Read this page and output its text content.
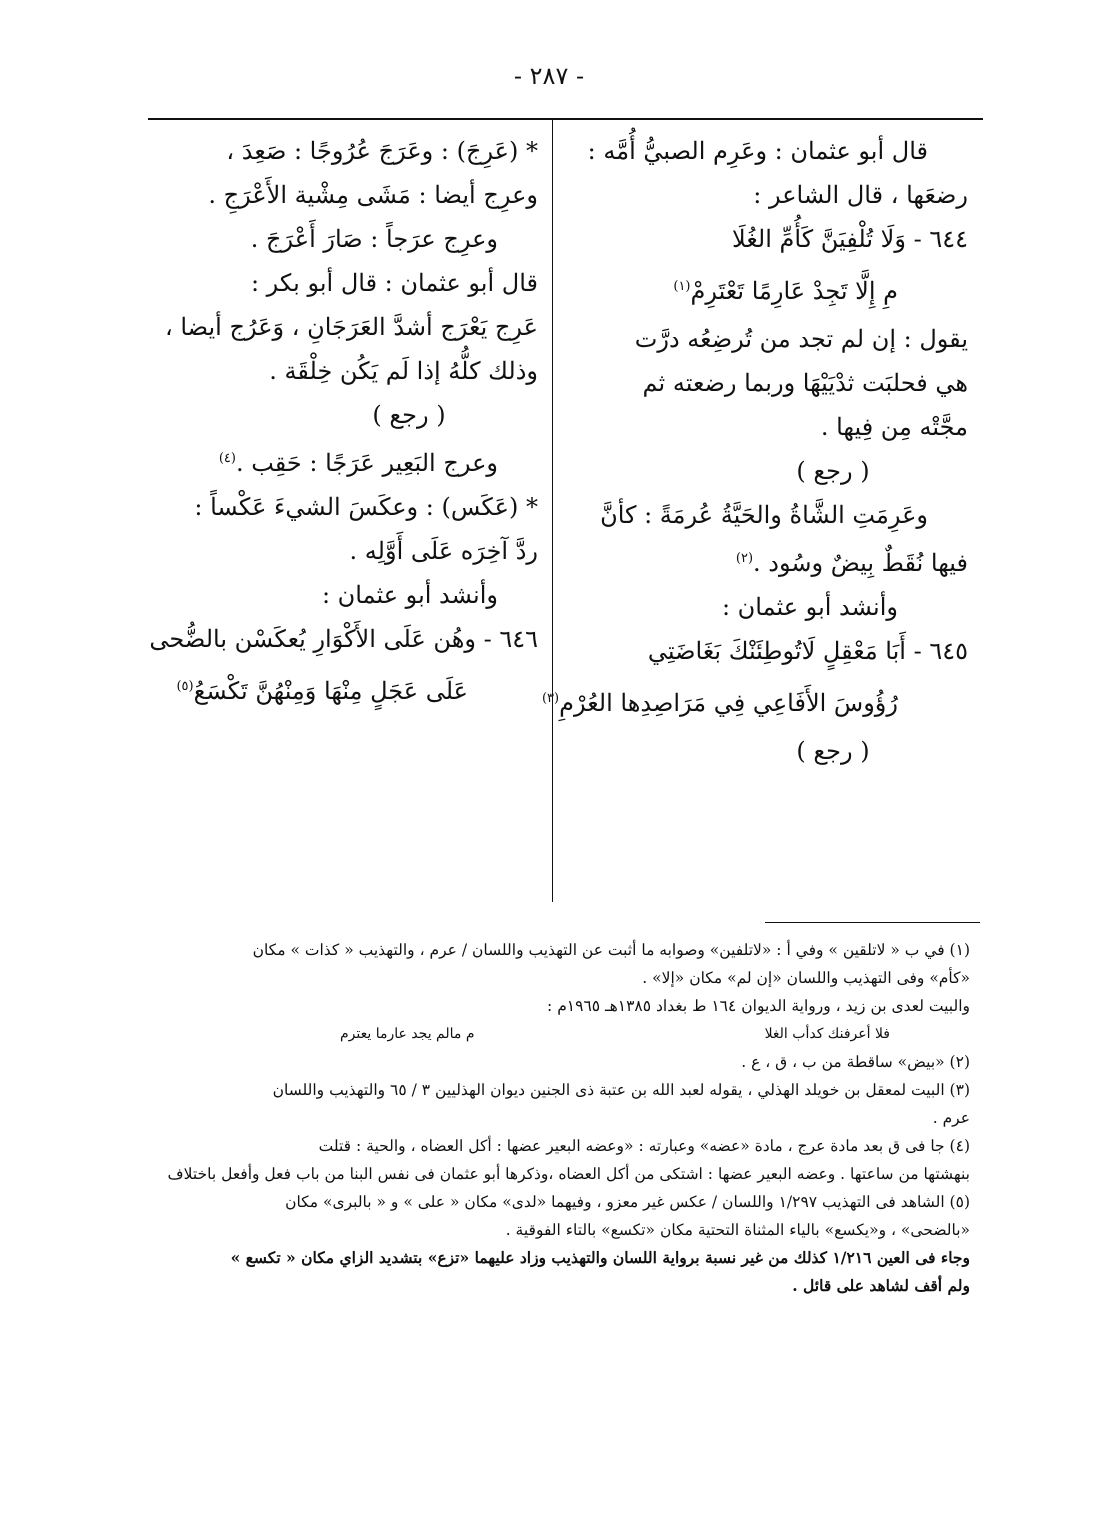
- ٢٨٧ -

قال أبو عثمان : وعَرِم الصبيُّ أُمَّه :

رضعَها ، قال الشاعر :

٦٤٤ - وَلَا تُلْفِيَنَّ كَأُمِّ الغُلَا

مِ إِلَّا تَجِدْ عَارِمًا تَعْتَرِمْ$^{(١)}$

يقول : إن لم تجد من تُرضِعُه درَّت

هي فحلبَت ثدْيَيْهَا وربما رضعته ثم

مجَّتْه مِن فِيها .

( رجع )

وعَرِمَتِ الشَّاةُ والحَيَّةُ عُرمَةً : كأنَّ

فيها نُقَطٌ بِيضٌ وسُود .$^{(٢)}$

وأنشد أبو عثمان :

٦٤٥ - أَبَا مَعْقِلٍ لَاتُوطِئَنْكَ بَغَاضَتِي

رُؤُوسَ الأَفَاعِي فِي مَرَاصِدِها العُرْمِ$^{(٣)}$

( رجع )

* (عَرِجَ) : وعَرَجَ عُرُوجًا : صَعِدَ ،

وعرِج أيضا : مَشَى مِشْية الأَعْرَجِ .

وعرِج عرَجاً : صَارَ أَعْرَجَ .

قال أبو عثمان : قال أبو بكر :

عَرِج يَعْرَج أشدَّ العَرَجَانِ ، وَعَرُج أيضا ،

وذلك كلُّهُ إذا لَم يَكُن خِلْقَة .

( رجع )

وعرج البَعِير عَرَجًا : حَقِب .$^{(٤)}$

* (عَكَس) : وعكَسَ الشيءَ عَكْساً :

ردَّ آخِرَه عَلَى أَوَّلِه .

وأنشد أبو عثمان :

٦٤٦ - وهُن عَلَى الأَكْوَارِ يُعكَسْن بالضُّحى

عَلَى عَجَلٍ مِنْهَا وَمِنْهُنَّ تَكْسَعُ$^{(٥)}$

(١) في ب « لاتلقين » وفي أ : «لاتلفين» وصوابه ما أثبت عن التهذيب واللسان / عرم ، والتهذيب « كذات » مكان

«كأم» وفى التهذيب واللسان «إن لم» مكان «إلا» .

والبيت لعدى بن زيد ، ورواية الديوان ١٦٤ ط بغداد ١٣٨٥هـ ١٩٦٥م :

فلا أعرفنك كدأب الغلا
م مالم يجد عارما يعترم

(٢) «بيض» ساقطة من ب ، ق ، ع .

(٣) البيت لمعقل بن خويلد الهذلي ، يقوله لعبد الله بن عتبة ذى الجنين ديوان الهذليين ٣ / ٦٥ والتهذيب واللسان

عرم .

(٤) جا فى ق بعد مادة عرج ، مادة «عضه» وعبارته : «وعضه البعير عضها : أكل العضاه ، والحية : قتلت

بنهشتها من ساعتها . وعضه البعير عضها : اشتكى من أكل العضاه ،وذكرها أبو عثمان فى نفس البنا من باب فعل وأفعل باختلاف

(٥) الشاهد فى التهذيب ١/٢٩٧ واللسان / عكس غير معزو ، وفيهما «لدى» مكان « على » و « بالبرى» مكان

«بالضحى» ، و«يكسع» بالياء المثناة التحتية مكان «تكسع» بالتاء الفوقية .

وجاء فى العين ١/٢١٦ كذلك من غير نسبة برواية اللسان والتهذيب وزاد عليهما «تزع» بتشديد الزاي مكان « تكسع »

ولم أقف لشاهد على قائل .
